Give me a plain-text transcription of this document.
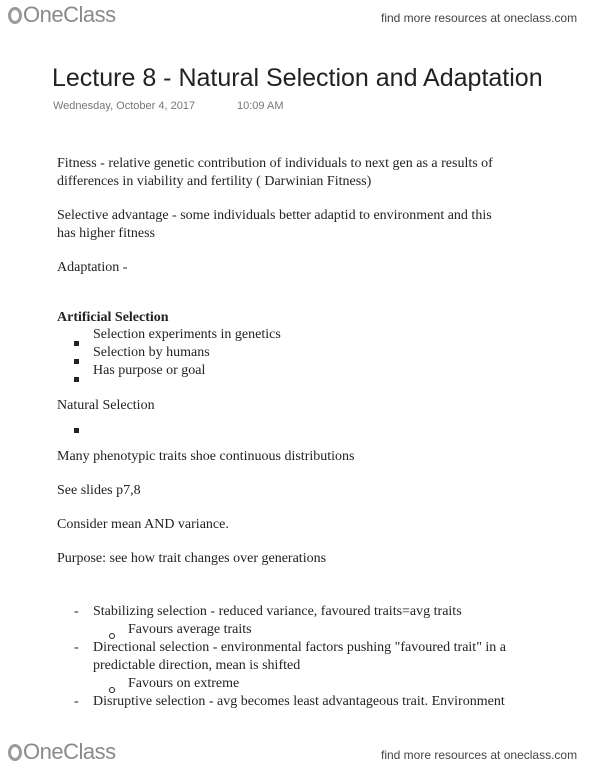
OneClass	find more resources at oneclass.com
Lecture 8 - Natural Selection and Adaptation
Wednesday, October 4, 2017	10:09 AM
Fitness - relative genetic contribution of individuals to next gen as a results of
differences in viability and fertility ( Darwinian Fitness)
Selective advantage - some individuals better adaptid to environment and this
has higher fitness
Adaptation -
Artificial Selection
Selection experiments in genetics
Selection by humans
Has purpose or goal
Natural Selection
Many phenotypic traits shoe continuous distributions
See slides p7,8
Consider mean AND variance.
Purpose: see how trait changes over generations
- Stabilizing selection - reduced variance, favoured traits=avg traits
Favours average traits
- Directional selection - environmental factors pushing "favoured trait" in a
predictable direction, mean is shifted
Favours on extreme
- Disruptive selection - avg becomes least advantageous trait. Environment
OneClass	find more resources at oneclass.com
